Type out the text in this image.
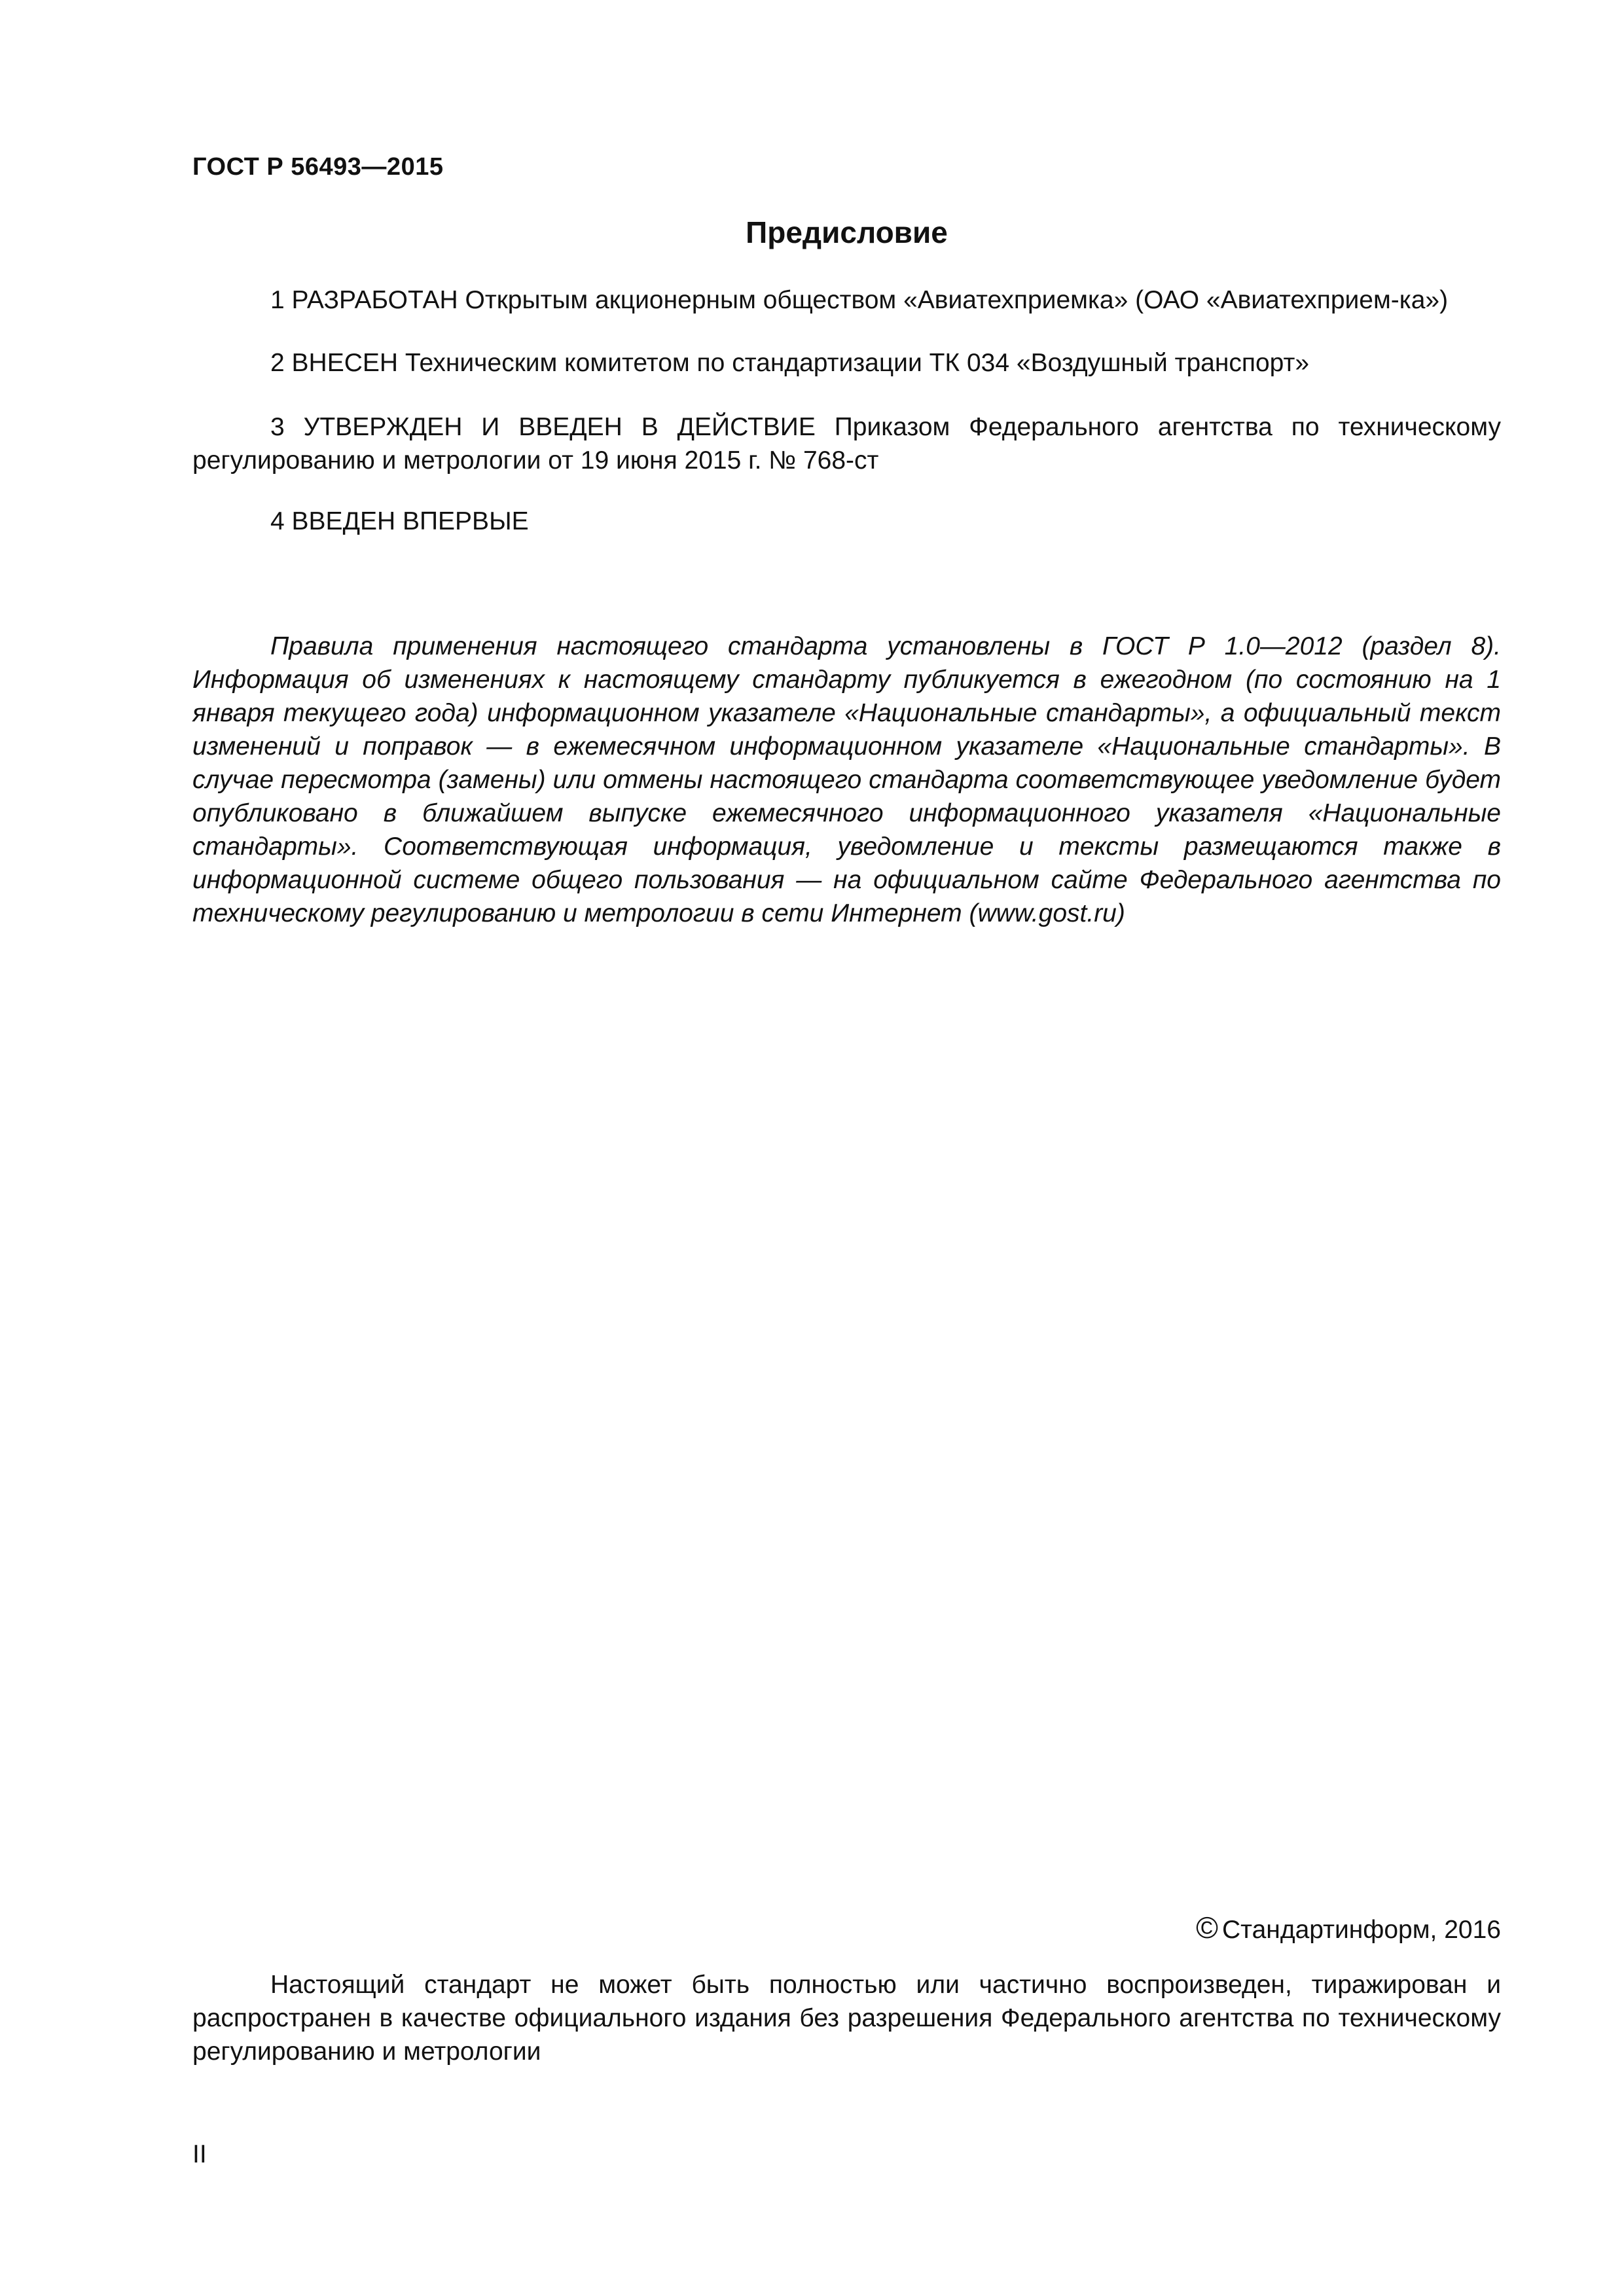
ГОСТ Р 56493—2015
Предисловие

1 РАЗРАБОТАН Открытым акционерным обществом «Авиатехприемка» (ОАО «Авиатехприем-ка»)

2 ВНЕСЕН Техническим комитетом по стандартизации ТК 034 «Воздушный транспорт»

3 УТВЕРЖДЕН И ВВЕДЕН В ДЕЙСТВИЕ Приказом Федерального агентства по техническому регулированию и метрологии от 19 июня 2015 г. № 768-ст

4 ВВЕДЕН ВПЕРВЫЕ

Правила применения настоящего стандарта установлены в ГОСТ Р 1.0—2012 (раздел 8). Информация об изменениях к настоящему стандарту публикуется в ежегодном (по состоянию на 1 января текущего года) информационном указателе «Национальные стандарты», а официальный текст изменений и поправок — в ежемесячном информационном указателе «Национальные стандарты». В случае пересмотра (замены) или отмены настоящего стандарта соответствующее уведомление будет опубликовано в ближайшем выпуске ежемесячного информационного указателя «Национальные стандарты». Соответствующая информация, уведомление и тексты размещаются также в информационной системе общего пользования — на официальном сайте Федерального агентства по техническому регулированию и метрологии в сети Интернет (www.gost.ru)

© Стандартинформ, 2016

Настоящий стандарт не может быть полностью или частично воспроизведен, тиражирован и распространен в качестве официального издания без разрешения Федерального агентства по техническому регулированию и метрологии

II
